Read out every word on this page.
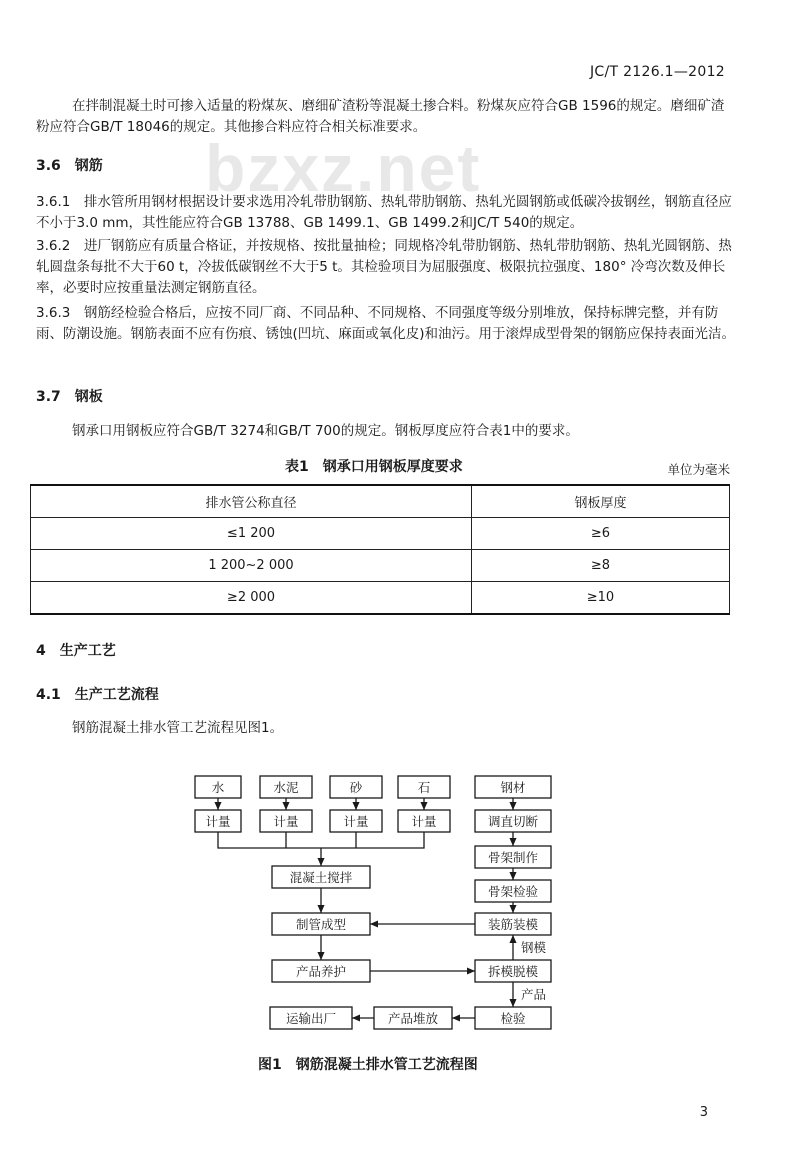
JC/T 2126.1—2012
bzxz.net
在拌制混凝土时可掺入适量的粉煤灰、磨细矿渣粉等混凝土掺合料。粉煤灰应符合GB 1596的规定。磨细矿渣粉应符合GB/T 18046的规定。其他掺合料应符合相关标准要求。
3.6　钢筋
3.6.1　排水管所用钢材根据设计要求选用冷轧带肋钢筋、热轧带肋钢筋、热轧光圆钢筋或低碳冷拔钢丝，钢筋直径应不小于3.0 mm，其性能应符合GB 13788、GB 1499.1、GB 1499.2和JC/T 540的规定。
3.6.2　进厂钢筋应有质量合格证，并按规格、按批量抽检；同规格冷轧带肋钢筋、热轧带肋钢筋、热轧光圆钢筋、热轧圆盘条每批不大于60 t，冷拔低碳钢丝不大于5 t。其检验项目为屈服强度、极限抗拉强度、180° 冷弯次数及伸长率，必要时应按重量法测定钢筋直径。
3.6.3　钢筋经检验合格后，应按不同厂商、不同品种、不同规格、不同强度等级分别堆放，保持标牌完整，并有防雨、防潮设施。钢筋表面不应有伤痕、锈蚀(凹坑、麻面或氧化皮)和油污。用于滚焊成型骨架的钢筋应保持表面光洁。
3.7　钢板
钢承口用钢板应符合GB/T 3274和GB/T 700的规定。钢板厚度应符合表1中的要求。
表1　钢承口用钢板厚度要求	单位为毫米
排水管公称直径	钢板厚度
≤1 200	≥6
1 200~2 000	≥8
≥2 000	≥10
4　生产工艺
4.1　生产工艺流程
钢筋混凝土排水管工艺流程见图1。
水	水泥	砂	石
计量	计量	计量	计量
钢材
调直切断
骨架制作
骨架检验
装筋装模
混凝土搅拌
制管成型
产品养护	拆模脱模
检验
产品堆放
运输出厂
钢模
产品
图1　钢筋混凝土排水管工艺流程图
3
